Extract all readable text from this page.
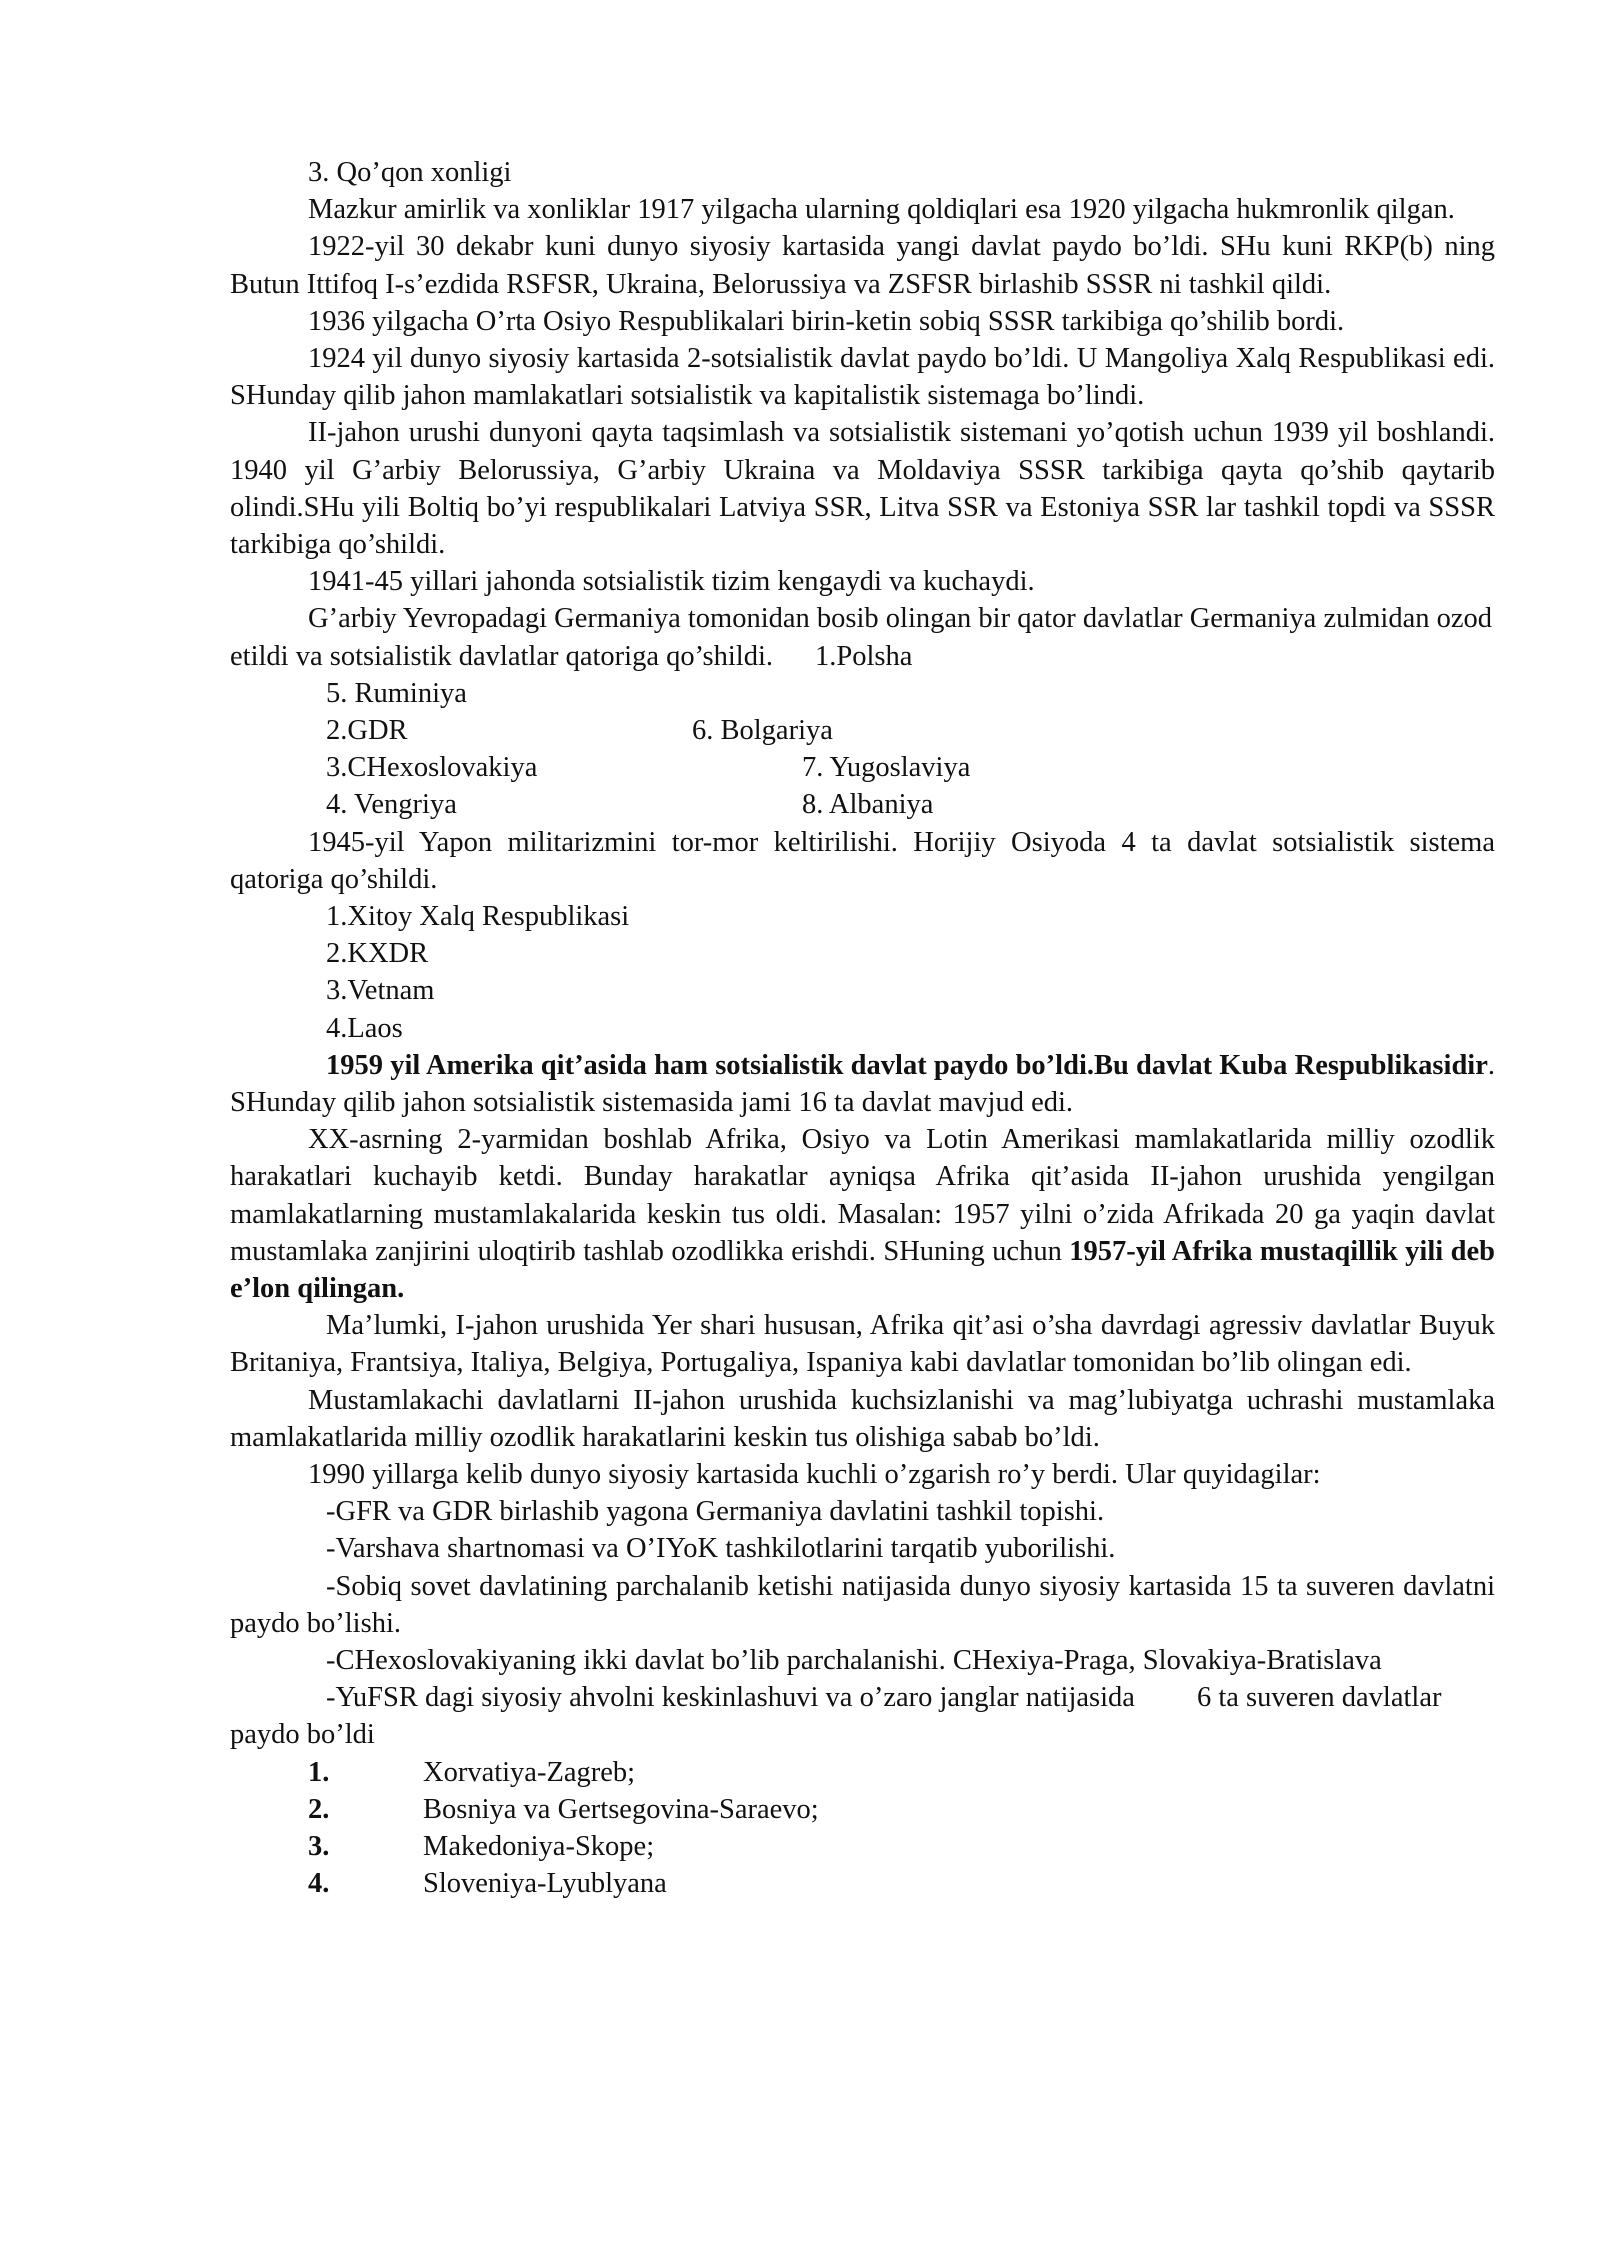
3. Qo’qon xonligi

Mazkur amirlik va xonliklar 1917 yilgacha ularning qoldiqlari esa 1920 yilgacha hukmronlik qilgan.

1922-yil 30 dekabr kuni dunyo siyosiy kartasida yangi davlat paydo bo’ldi. SHu kuni RKP(b) ning Butun Ittifoq I-s’ezdida RSFSR, Ukraina, Belorussiya va ZSFSR birlashib SSSR ni tashkil qildi.

1936 yilgacha O’rta Osiyo Respublikalari birin-ketin sobiq SSSR tarkibiga qo’shilib bordi.

1924 yil dunyo siyosiy kartasida 2-sotsialistik davlat paydo bo’ldi. U Mangoliya Xalq Respublikasi edi. SHunday qilib jahon mamlakatlari sotsialistik va kapitalistik sistemaga bo’lindi.

II-jahon urushi dunyoni qayta taqsimlash va sotsialistik sistemani yo’qotish uchun 1939 yil boshlandi. 1940 yil G’arbiy Belorussiya, G’arbiy Ukraina va Moldaviya SSSR tarkibiga qayta qo’shib qaytarib olindi.SHu yili Boltiq bo’yi respublikalari Latviya SSR, Litva SSR va Estoniya SSR lar tashkil topdi va SSSR tarkibiga qo’shildi.

1941-45 yillari jahonda sotsialistik tizim kengaydi va kuchaydi.

G’arbiy Yevropadagi Germaniya tomonidan bosib olingan bir qator davlatlar Germaniya zulmidan ozod etildi va sotsialistik davlatlar qatoriga qo’shildi. 1.Polsha

5. Ruminiya
2.GDR	6. Bolgariya
3.CHexoslovakiya	7. Yugoslaviya
4. Vengriya	8. Albaniya

1945-yil Yapon militarizmini tor-mor keltirilishi. Horijiy Osiyoda 4 ta davlat sotsialistik sistema qatoriga qo’shildi.

1.Xitoy Xalq Respublikasi
2.KXDR
3.Vetnam
4.Laos

1959 yil Amerika qit’asida ham sotsialistik davlat paydo bo’ldi.Bu davlat Kuba Respublikasidir. SHunday qilib jahon sotsialistik sistemasida jami 16 ta davlat mavjud edi.

XX-asrning 2-yarmidan boshlab Afrika, Osiyo va Lotin Amerikasi mamlakatlarida milliy ozodlik harakatlari kuchayib ketdi. Bunday harakatlar ayniqsa Afrika qit’asida II-jahon urushida yengilgan mamlakatlarning mustamlakalarida keskin tus oldi. Masalan: 1957 yilni o’zida Afrikada 20 ga yaqin davlat mustamlaka zanjirini uloqtirib tashlab ozodlikka erishdi. SHuning uchun 1957-yil Afrika mustaqillik yili deb e’lon qilingan.

Ma’lumki, I-jahon urushida Yer shari hususan, Afrika qit’asi o’sha davrdagi agressiv davlatlar Buyuk Britaniya, Frantsiya, Italiya, Belgiya, Portugaliya, Ispaniya kabi davlatlar tomonidan bo’lib olingan edi.

Mustamlakachi davlatlarni II-jahon urushida kuchsizlanishi va mag’lubiyatga uchrashi mustamlaka mamlakatlarida milliy ozodlik harakatlarini keskin tus olishiga sabab bo’ldi.

1990 yillarga kelib dunyo siyosiy kartasida kuchli o’zgarish ro’y berdi. Ular quyidagilar:

-GFR va GDR birlashib yagona Germaniya davlatini tashkil topishi.
-Varshava shartnomasi va O’IYoK tashkilotlarini tarqatib yuborilishi.

-Sobiq sovet davlatining parchalanib ketishi natijasida dunyo siyosiy kartasida 15 ta suveren davlatni paydo bo’lishi.

-CHexoslovakiyaning ikki davlat bo’lib parchalanishi. CHexiya-Praga, Slovakiya-Bratislava

-YuFSR dagi siyosiy ahvolni keskinlashuvi va o’zaro janglar natijasida 6 ta suveren davlatlar paydo bo’ldi

1.	Xorvatiya-Zagreb;
2.	Bosniya va Gertsegovina-Saraevo;
3.	Makedoniya-Skope;
4.	Sloveniya-Lyublyana
